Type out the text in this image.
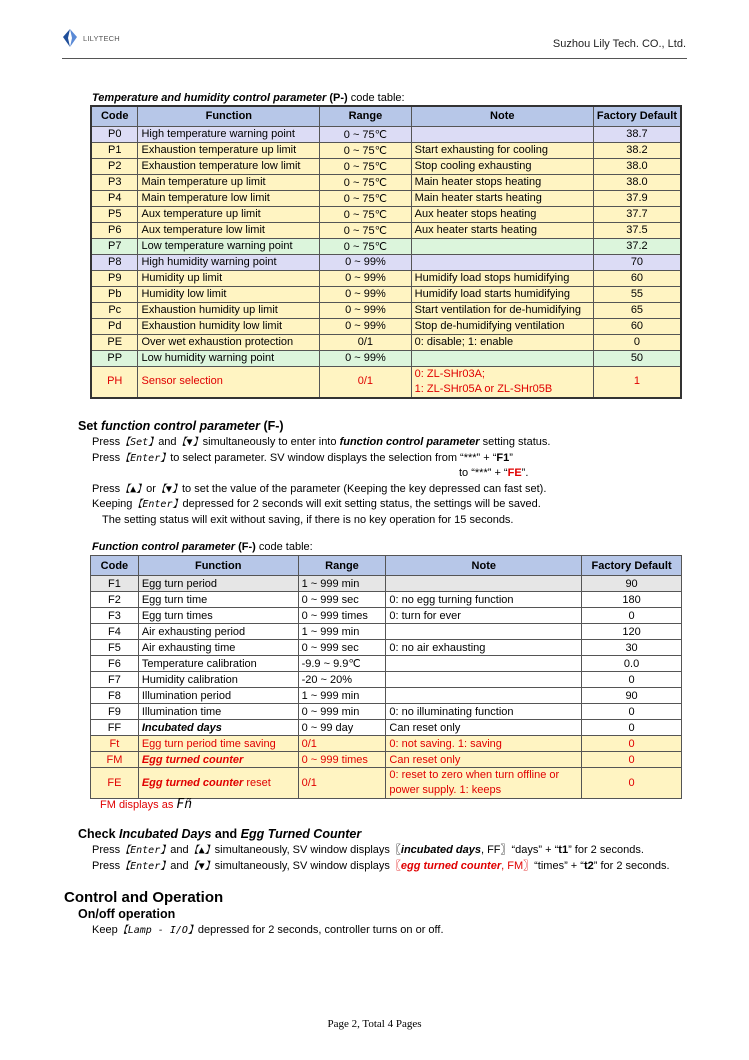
LILYTECH	Suzhou Lily Tech. CO., Ltd.
Temperature and humidity control parameter (P-) code table:
Code	Function	Range	Note	Factory Default
P0	High temperature warning point	0 ~ 75℃		38.7
P1	Exhaustion temperature up limit	0 ~ 75℃	Start exhausting for cooling	38.2
P2	Exhaustion temperature low limit	0 ~ 75℃	Stop cooling exhausting	38.0
P3	Main temperature up limit	0 ~ 75℃	Main heater stops heating	38.0
P4	Main temperature low limit	0 ~ 75℃	Main heater starts heating	37.9
P5	Aux temperature up limit	0 ~ 75℃	Aux heater stops heating	37.7
P6	Aux temperature low limit	0 ~ 75℃	Aux heater starts heating	37.5
P7	Low temperature warning point	0 ~ 75℃		37.2
P8	High humidity warning point	0 ~ 99%		70
P9	Humidity up limit	0 ~ 99%	Humidify load stops humidifying	60
Pb	Humidity low limit	0 ~ 99%	Humidify load starts humidifying	55
Pc	Exhaustion humidity up limit	0 ~ 99%	Start ventilation for de-humidifying	65
Pd	Exhaustion humidity low limit	0 ~ 99%	Stop de-humidifying ventilation	60
PE	Over wet exhaustion protection	0/1	0: disable; 1: enable	0
PP	Low humidity warning point	0 ~ 99%		50
PH	Sensor selection	0/1	0: ZL-SHr03A;
1: ZL-SHr05A or ZL-SHr05B	1
Set function control parameter (F-)
Press【Set】and【▼】simultaneously to enter into function control parameter setting status.
Press【Enter】to select parameter. SV window displays the selection from “***” + “F1”
to “***” + “FE”.
Press【▲】or【▼】to set the value of the parameter (Keeping the key depressed can fast set).
Keeping【Enter】depressed for 2 seconds will exit setting status, the settings will be saved.
The setting status will exit without saving, if there is no key operation for 15 seconds.
Function control parameter (F-) code table:
Code	Function	Range	Note	Factory Default
F1	Egg turn period	1 ~ 999 min		90
F2	Egg turn time	0 ~ 999 sec	0: no egg turning function	180
F3	Egg turn times	0 ~ 999 times	0: turn for ever	0
F4	Air exhausting period	1 ~ 999 min		120
F5	Air exhausting time	0 ~ 999 sec	0: no air exhausting	30
F6	Temperature calibration	-9.9 ~ 9.9℃		0.0
F7	Humidity calibration	-20 ~ 20%		0
F8	Illumination period	1 ~ 999 min		90
F9	Illumination time	0 ~ 999 min	0: no illuminating function	0
FF	Incubated days	0 ~ 99 day	Can reset only	0
Ft	Egg turn period time saving	0/1	0: not saving. 1: saving	0
FM	Egg turned counter	0 ~ 999 times	Can reset only	0
FE	Egg turned counter reset	0/1	0: reset to zero when turn offline or
power supply. 1: keeps	0
FM displays as Fñ
Check Incubated Days and Egg Turned Counter
Press【Enter】and【▲】simultaneously, SV window displays〖incubated days, FF〗“days” + “t1” for 2 seconds.
Press【Enter】and【▼】simultaneously, SV window displays〖egg turned counter, FM〗“times” + “t2” for 2 seconds.
Control and Operation
On/off operation
Keep【Lamp - I/O】depressed for 2 seconds, controller turns on or off.
Page 2, Total 4 Pages
